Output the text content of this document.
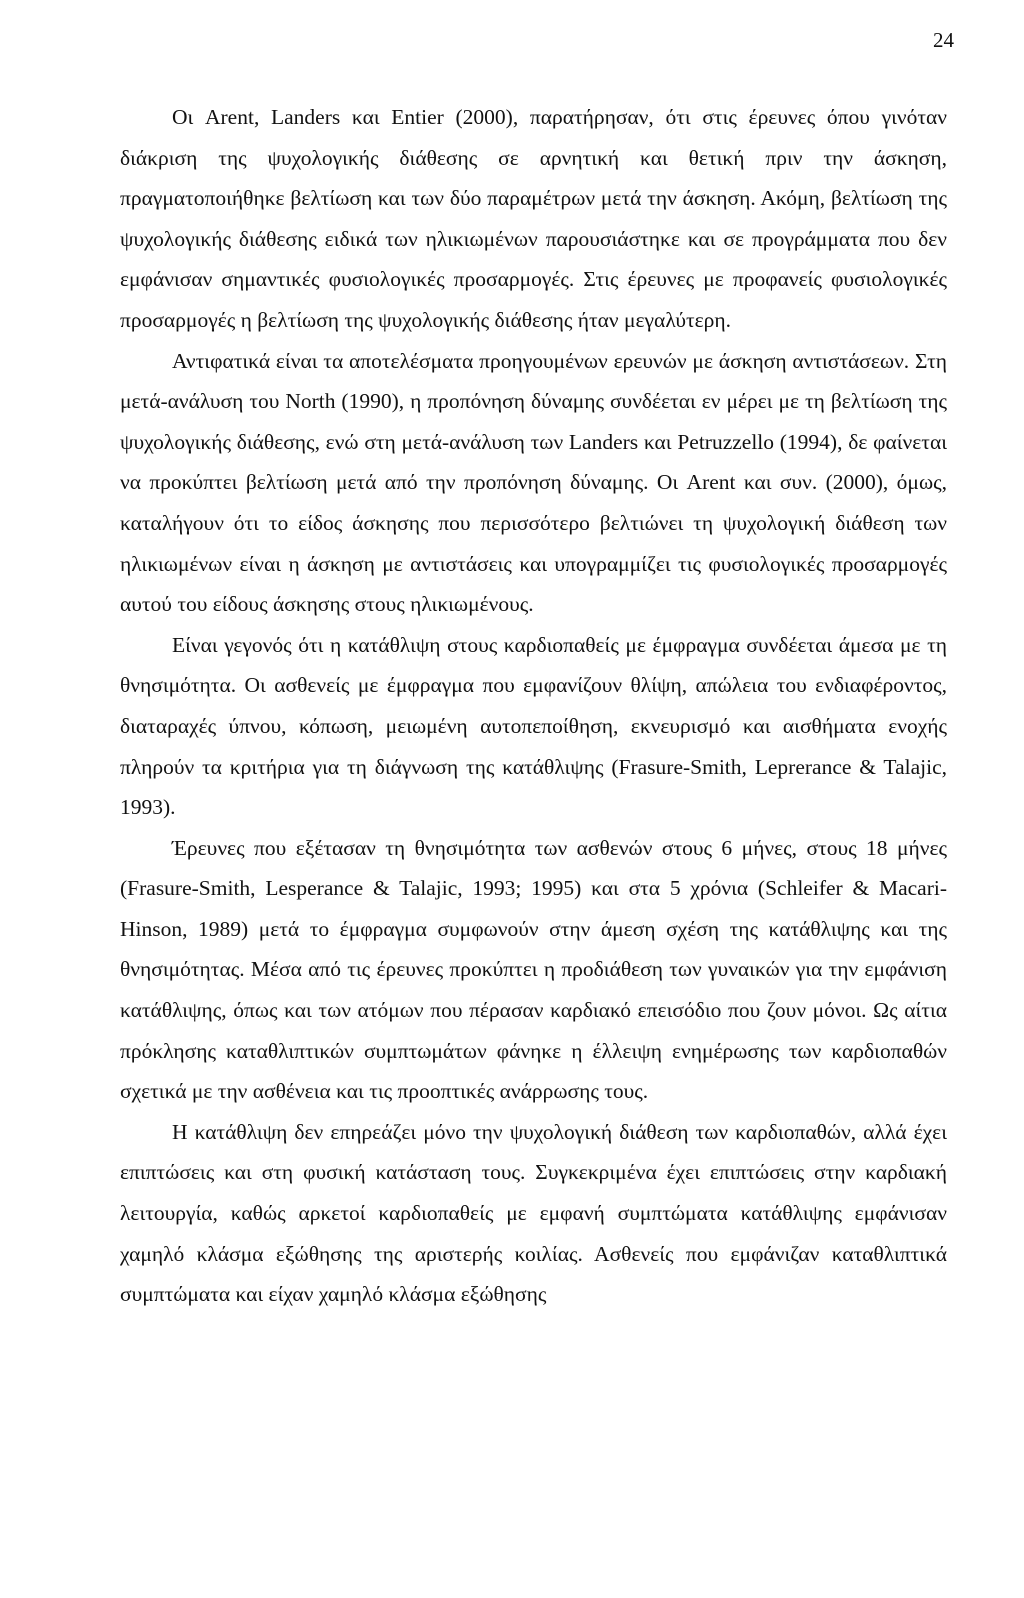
24

Οι Arent, Landers και Entier (2000), παρατήρησαν, ότι στις έρευνες όπου γινόταν διάκριση της ψυχολογικής διάθεσης σε αρνητική και θετική πριν την άσκηση, πραγματοποιήθηκε βελτίωση και των δύο παραμέτρων μετά την άσκηση. Ακόμη, βελτίωση της ψυχολογικής διάθεσης ειδικά των ηλικιωμένων παρουσιάστηκε και σε προγράμματα που δεν εμφάνισαν σημαντικές φυσιολογικές προσαρμογές. Στις έρευνες με προφανείς φυσιολογικές προσαρμογές η βελτίωση της ψυχολογικής διάθεσης ήταν μεγαλύτερη.

Αντιφατικά είναι τα αποτελέσματα προηγουμένων ερευνών με άσκηση αντιστάσεων. Στη μετά-ανάλυση του North (1990), η προπόνηση δύναμης συνδέεται εν μέρει με τη βελτίωση της ψυχολογικής διάθεσης, ενώ στη μετά-ανάλυση των Landers και Petruzzello (1994), δε φαίνεται να προκύπτει βελτίωση μετά από την προπόνηση δύναμης. Οι Arent και συν. (2000), όμως, καταλήγουν ότι το είδος άσκησης που περισσότερο βελτιώνει τη ψυχολογική διάθεση των ηλικιωμένων είναι η άσκηση με αντιστάσεις και υπογραμμίζει τις φυσιολογικές προσαρμογές αυτού του είδους άσκησης στους ηλικιωμένους.

Είναι γεγονός ότι η κατάθλιψη στους καρδιοπαθείς με έμφραγμα συνδέεται άμεσα με τη θνησιμότητα. Οι ασθενείς με έμφραγμα που εμφανίζουν θλίψη, απώλεια του ενδιαφέροντος, διαταραχές ύπνου, κόπωση, μειωμένη αυτοπεποίθηση, εκνευρισμό και αισθήματα ενοχής πληρούν τα κριτήρια για τη διάγνωση της κατάθλιψης (Frasure-Smith, Leprerance & Talajic, 1993).

Έρευνες που εξέτασαν τη θνησιμότητα των ασθενών στους 6 μήνες, στους 18 μήνες (Frasure-Smith, Lesperance & Talajic, 1993; 1995) και στα 5 χρόνια (Schleifer & Macari-Hinson, 1989) μετά το έμφραγμα συμφωνούν στην άμεση σχέση της κατάθλιψης και της θνησιμότητας. Μέσα από τις έρευνες προκύπτει η προδιάθεση των γυναικών για την εμφάνιση κατάθλιψης, όπως και των ατόμων που πέρασαν καρδιακό επεισόδιο που ζουν μόνοι. Ως αίτια πρόκλησης καταθλιπτικών συμπτωμάτων φάνηκε η έλλειψη ενημέρωσης των καρδιοπαθών σχετικά με την ασθένεια και τις προοπτικές ανάρρωσης τους.

Η κατάθλιψη δεν επηρεάζει μόνο την ψυχολογική διάθεση των καρδιοπαθών, αλλά έχει επιπτώσεις και στη φυσική κατάσταση τους. Συγκεκριμένα έχει επιπτώσεις στην καρδιακή λειτουργία, καθώς αρκετοί καρδιοπαθείς με εμφανή συμπτώματα κατάθλιψης εμφάνισαν χαμηλό κλάσμα εξώθησης της αριστερής κοιλίας. Ασθενείς που εμφάνιζαν καταθλιπτικά συμπτώματα και είχαν χαμηλό κλάσμα εξώθησης
